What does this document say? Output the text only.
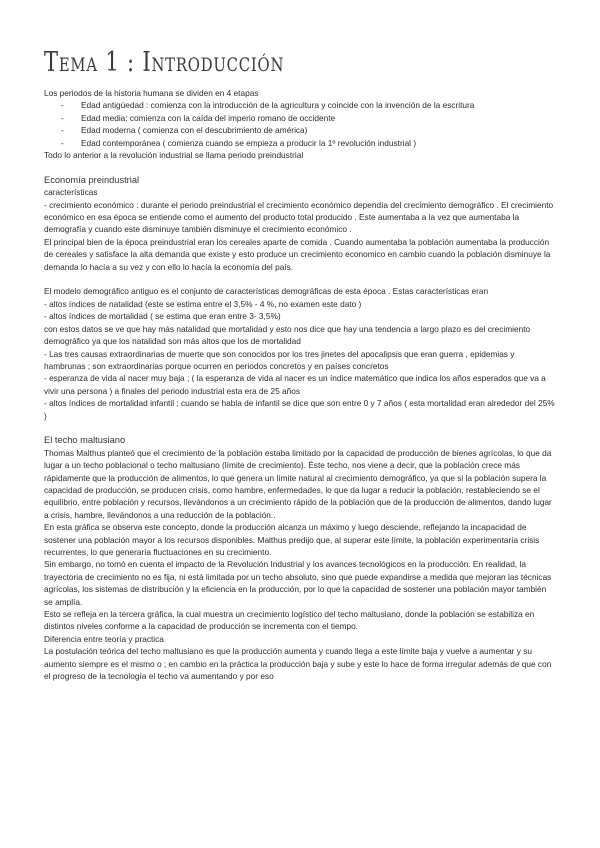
Tema 1 : Introducción

Los periodos de la historia humana se dividen en 4 etapas

- Edad antigüedad : comienza con la introducción de la agricultura y coincide con la invención de la escritura
- Edad media: comienza con la caída del imperio romano de occidente
- Edad moderna ( comienza con el descubrimiento de américa)
- Edad contemporánea ( comienza cuando se empieza a producir la 1º revolución industrial )

Todo lo anterior a la revolución industrial se llama periodo preindustrial

Economía preindustrial

características

- crecimiento económico : durante el periodo preindustrial el crecimiento económico dependía del crecimiento demográfico . El crecimiento económico en esa época se entiende como el aumento del producto total producido . Este aumentaba a la vez que aumentaba la demografía y cuando este disminuye también disminuye el crecimiento económico .

El principal bien de la época preindustrial eran los cereales aparte de comida . Cuando aumentaba la población aumentaba la producción de cereales y satisface la alta demanda que existe y esto produce un crecimiento economico en cambio cuando la población disminuye la demanda lo hacía a su vez y con ello lo hacía la economía del país.

El modelo demográfico antiguo es el conjunto de características demográficas de esta época . Estas características eran

- altos índices de natalidad (este se estima entre el 3,5% - 4 %, no examen este dato )

- altos índices de mortalidad ( se estima que eran entre 3- 3,5%)

con estos datos se ve que hay más natalidad que mortalidad y esto nos dice que hay una tendencia a largo plazo es del crecimiento demográfico ya que los natalidad son más altos que los de mortalidad

- Las tres causas extraordinarias de muerte que son conocidos por los tres jinetes del apocalipsis que eran guerra , epidemias y hambrunas ; son extraordinarias porque ocurren en periodos concretos y en países concretos

- esperanza de vida al nacer muy baja ; ( la esperanza de vida al nacer es un índice matemático que indica los años esperados que va a vivir una persona ) a finales del periodo industrial esta era de 25 años

- altos índices de mortalidad infantil ; cuando se habla de infantil se dice que son entre 0 y 7 años ( esta mortalidad eran alrededor del 25% )

El techo maltusiano

Thomas Malthus planteó que el crecimiento de la población estaba limitado por la capacidad de producción de bienes agrícolas, lo que da lugar a un techo poblacional o techo maltusiano (límite de crecimiento). Éste techo, nos viene a decir, que la población crece más rápidamente que la producción de alimentos, lo que genera un límite natural al crecimiento demográfico, ya que si la población supera la capacidad de producción, se producen crisis, como hambre, enfermedades, lo que da lugar a reducir la población, restableciendo se el equilibrio, entre población y recursos, llevándonos a un crecimiento rápido de la población que de la producción de alimentos, dando lugar a crisis, hambre, llevándonos a una reducción de la población..

En esta gráfica se observa este concepto, donde la producción alcanza un máximo y luego desciende, reflejando la incapacidad de sostener una población mayor a los recursos disponibles. Malthus predijo que, al superar este límite, la población experimentaría crisis recurrentes, lo que generaría fluctuaciones en su crecimiento.

Sin embargo, no tomó en cuenta el impacto de la Revolución Industrial y los avances tecnológicos en la producción. En realidad, la trayectoria de crecimiento no es fija, ni está limitada por un techo absoluto, sino que puede expandirse a medida que mejoran las técnicas agrícolas, los sistemas de distribución y la eficiencia en la producción, por lo que la capacidad de sostener una población mayor también se amplía.

Esto se refleja en la tercera gráfica, la cual muestra un crecimiento logístico del techo maltusiano, donde la población se estabiliza en distintos niveles conforme a la capacidad de producción se incrementa con el tiempo.

Diferencia entre teoría y practica

La postulación teórica del techo maltusiano es que la producción aumenta y cuando llega a este límite baja y vuelve a aumentar y su aumento siempre es el mismo o ; en cambio en la práctica la producción baja y sube y este lo hace de forma irregular además de que con el progreso de la tecnología el techo va aumentando y por eso
